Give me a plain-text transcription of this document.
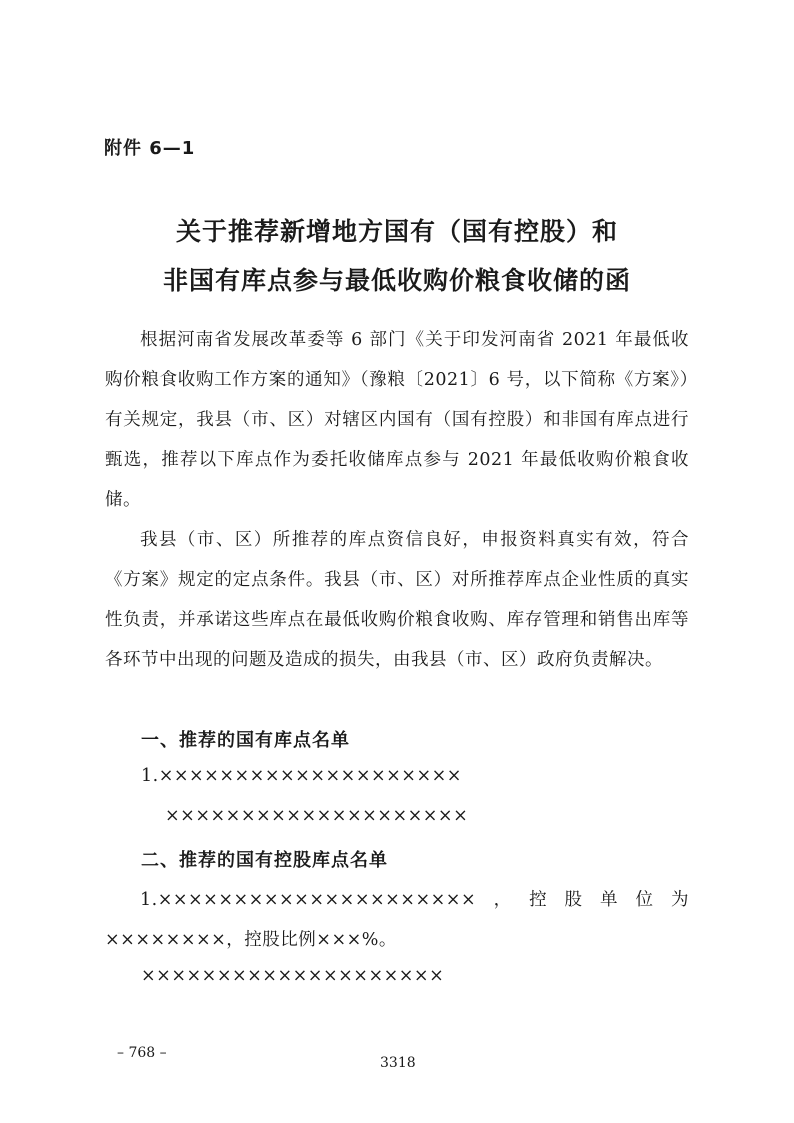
附件 6—1
关于推荐新增地方国有（国有控股）和
非国有库点参与最低收购价粮食收储的函
根据河南省发展改革委等 6 部门《关于印发河南省 2021 年最低收购价粮食收购工作方案的通知》（豫粮〔2021〕6 号，以下简称《方案》）有关规定，我县（市、区）对辖区内国有（国有控股）和非国有库点进行甄选，推荐以下库点作为委托收储库点参与 2021 年最低收购价粮食收储。
我县（市、区）所推荐的库点资信良好，申报资料真实有效，符合《方案》规定的定点条件。我县（市、区）对所推荐库点企业性质的真实性负责，并承诺这些库点在最低收购价粮食收购、库存管理和销售出库等各环节中出现的问题及造成的损失，由我县（市、区）政府负责解决。
一、推荐的国有库点名单
1.××××××××××××××××××××
××××××××××××××××××××
二、推荐的国有控股库点名单
1.×××××××××××××××××××××，控股单位为××××××××，控股比例×××%。
××××××××××××××××××××
– 768 –
3318
